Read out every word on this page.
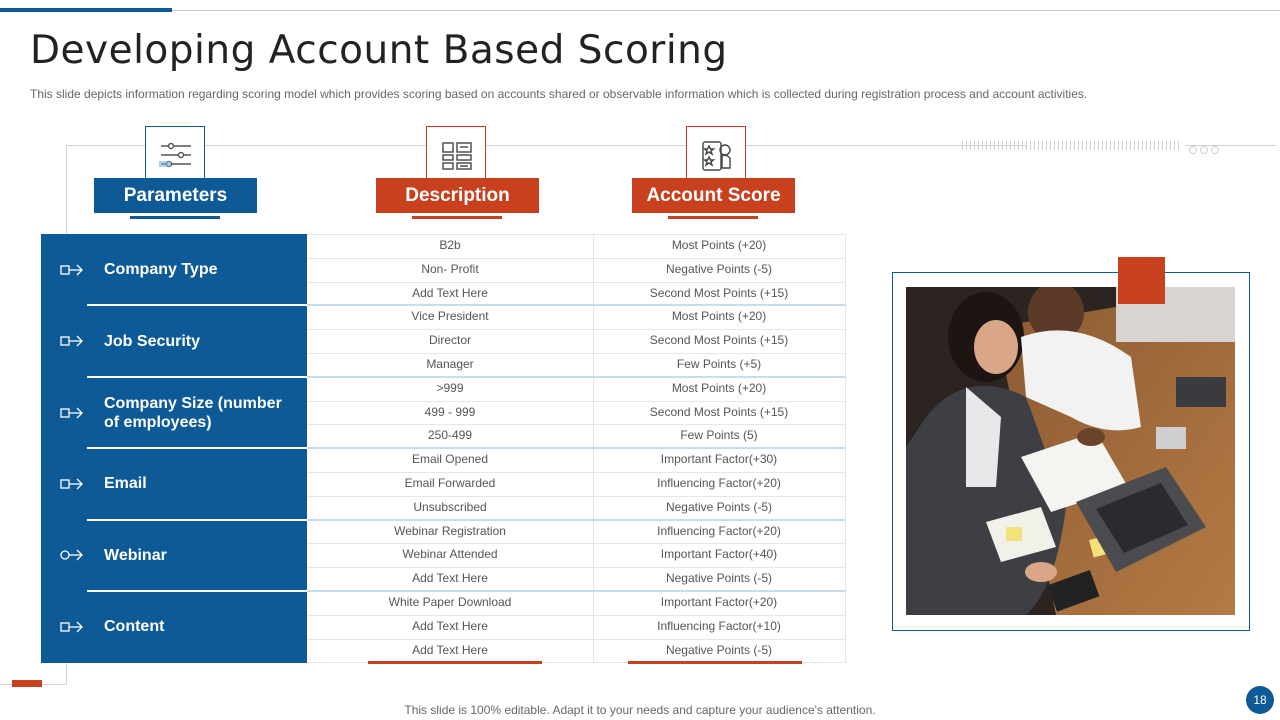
Developing Account Based Scoring

This slide depicts information regarding scoring model which provides scoring based on accounts shared or observable information which is collected during registration process and account activities.

Parameters	Description	Account Score
Company Type
B2b	Most Points (+20)
Non- Profit	Negative Points (-5)
Add Text Here	Second Most Points (+15)
Job Security
Vice President	Most Points (+20)
Director	Second Most Points (+15)
Manager	Few Points (+5)
Company Size (number of employees)
>999	Most Points (+20)
499 - 999	Second Most Points (+15)
250-499	Few Points (5)
Email
Email Opened	Important Factor(+30)
Email Forwarded	Influencing Factor(+20)
Unsubscribed	Negative Points (-5)
Webinar
Webinar Registration	Influencing Factor(+20)
Webinar Attended	Important Factor(+40)
Add Text Here	Negative Points (-5)
Content
White Paper Download	Important Factor(+20)
Add Text Here	Influencing Factor(+10)
Add Text Here	Negative Points (-5)
This slide is 100% editable. Adapt it to your needs and capture your audience's attention.
18
